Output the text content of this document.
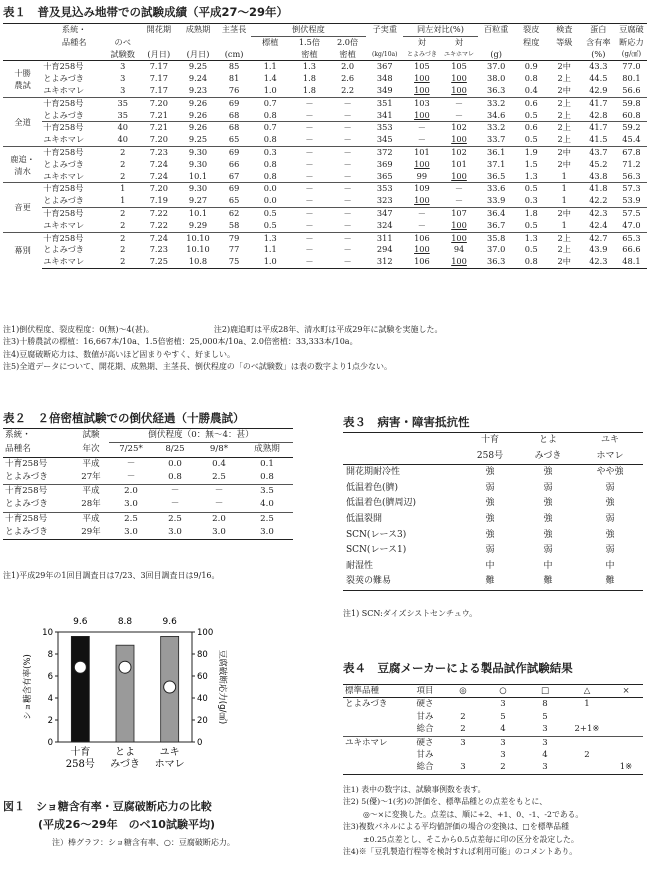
表１　普及見込み地帯での試験成績（平成27～29年）
	系統・		開花期	成熟期	主茎長	倒伏程度			子実重	同左対比(%)		百粒重	裂皮	検査	蛋白	豆腐破
	品種名	のべ				標植	1.5倍	2.0倍		対	対		程度	等級	含有率	断応力
		試験数	(月日)	(月日)	(cm)		密植	密植	(kg/10a)	とよみづき	ユキホマレ	(g)			(%)	(g/㎠)

十勝
農試	十育258号	3	7.17	9.25	85	1.1	1.3	2.0	367	105	105	37.0	0.9	2中	43.3	77.0
	とよみづき	3	7.17	9.24	81	1.4	1.8	2.6	348	100	100	38.0	0.8	2上	44.5	80.1
	ユキホマレ	3	7.17	9.23	76	1.0	1.8	2.2	349	100	100	36.3	0.4	2中	42.9	56.6

全道	十育258号	35	7.20	9.26	69	0.7	－	－	351	103	－	33.2	0.6	2上	41.7	59.8
	とよみづき	35	7.21	9.26	68	0.8	－	－	341	100	－	34.6	0.5	2上	42.8	60.8
	十育258号	40	7.21	9.26	68	0.7	－	－	353	－	102	33.2	0.6	2上	41.7	59.2
	ユキホマレ	40	7.20	9.25	65	0.8	－	－	345	－	100	33.7	0.5	2上	41.5	45.4

鹿追・
清水	十育258号	2	7.23	9.30	69	0.3	－	－	372	101	102	36.1	1.9	2中	43.7	67.8
	とよみづき	2	7.24	9.30	66	0.8	－	－	369	100	101	37.1	1.5	2中	45.2	71.2
	ユキホマレ	2	7.24	10.1	67	0.8	－	－	365	99	100	36.5	1.3	1	43.8	56.3

音更	十育258号	1	7.20	9.30	69	0.0	－	－	353	109	－	33.6	0.5	1	41.8	57.3
	とよみづき	1	7.19	9.27	65	0.0	－	－	323	100	－	33.9	0.3	1	42.2	53.9
	十育258号	2	7.22	10.1	62	0.5	－	－	347	－	107	36.4	1.8	2中	42.3	57.5
	ユキホマレ	2	7.22	9.29	58	0.5	－	－	324	－	100	36.7	0.5	1	42.4	47.0

幕別	十育258号	2	7.24	10.10	79	1.3	－	－	311	106	100	35.8	1.3	2上	42.7	65.3
	とよみづき	2	7.23	10.10	77	1.1	－	－	294	100	94	37.0	0.5	2上	43.9	66.6
	ユキホマレ	2	7.25	10.8	75	1.0	－	－	312	106	100	36.3	0.8	2中	42.3	48.1
注1)倒伏程度、裂皮程度：0(無)～4(甚)。	注2)鹿追町は平成28年、清水町は平成29年に試験を実施した。
注3)十勝農試の標植：16,667本/10a、1.5倍密植：25,000本/10a、2.0倍密植：33,333本/10a。
注4)豆腐破断応力は、数値が高いほど固まりやすく、好ましい。
注5)全道データについて、開花期、成熟期、主茎長、倒伏程度の「のべ試験数」は表の数字より1点少ない。
表２　２倍密植試験での倒伏経過（十勝農試）
系統・	試験	倒伏程度（0：無～4：甚）			
品種名	年次	7/25*	8/25	9/8*	成熟期
十育258号	平成	－	0.0	0.4	0.1
とよみづき	27年	－	0.8	2.5	0.8
十育258号	平成	2.0	－	－	3.5
とよみづき	28年	3.0	－	－	4.0
十育258号	平成	2.5	2.5	2.0	2.5
とよみづき	29年	3.0	3.0	3.0	3.0
注1)平成29年の1回目調査日は7/23、3回目調査日は9/16。
表３　病害・障害抵抗性
	十育	とよ	ユキ
	258号	みづき	ホマレ
開花期耐冷性	強	強	やや強
低温着色(臍)	弱	弱	弱
低温着色(臍周辺)	強	強	強
低温裂開	強	強	弱
SCN(レース3)	強	強	強
SCN(レース1)	弱	弱	弱
耐湿性	中	中	中
裂莢の難易	難	難	難
注1) SCN:ダイズシストセンチュウ。
10
8
6
4
2
0
100
80
60
40
20
0
ショ糖含有率(%)	豆腐破断応力(g/㎠)
9.6
十育
258号
8.8
とよ
みづき
9.6
ユキ
ホマレ
図１　ショ糖含有率・豆腐破断応力の比較
(平成26～29年　のべ10試験平均)
注）棒グラフ：ショ糖含有率、○：豆腐破断応力。
表４　豆腐メーカーによる製品試作試験結果
標準品種	項目	◎	○	□	△	×
とよみづき	硬さ		3	8	1	
	甘み	2	5	5		
	総合	2	4	3	2+1※	
ユキホマレ	硬さ	3	3	3		
	甘み		3	4	2	
	総合	3	2	3		1※
注1) 表中の数字は、試験事例数を表す。
注2) 5(優)～1(劣)の評価を、標準品種との点差をもとに、
◎～×に変換した。点差は、順に+2、+1、0、-1、-2である。
注3)複数パネルによる平均値評価の場合の変換は、□を標準品種
±0.25点差とし、そこから0.5点差毎に印の区分を設定した。
注4)※「豆乳製造行程等を検討すれば利用可能」のコメントあり。
